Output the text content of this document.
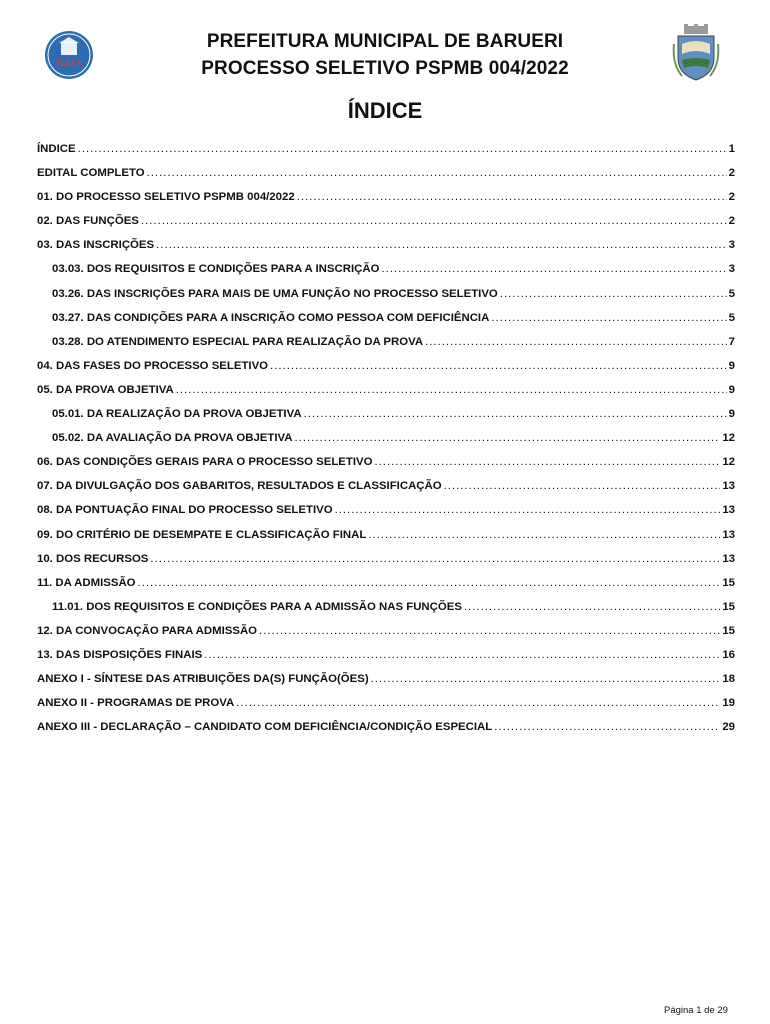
IGECS
PREFEITURA MUNICIPAL DE BARUERI
PROCESSO SELETIVO PSPMB 004/2022
ÍNDICE
ÍNDICE .....	1
EDITAL COMPLETO .....	2
01. DO PROCESSO SELETIVO PSPMB 004/2022 .....	2
02. DAS FUNÇÕES .....	2
03. DAS INSCRIÇÕES .....	3
03.03. DOS REQUISITOS E CONDIÇÕES PARA A INSCRIÇÃO .....	3
03.26. DAS INSCRIÇÕES PARA MAIS DE UMA FUNÇÃO NO PROCESSO SELETIVO .....	5
03.27. DAS CONDIÇÕES PARA A INSCRIÇÃO COMO PESSOA COM DEFICIÊNCIA .....	5
03.28. DO ATENDIMENTO ESPECIAL PARA REALIZAÇÃO DA PROVA .....	7
04. DAS FASES DO PROCESSO SELETIVO .....	9
05. DA PROVA OBJETIVA .....	9
05.01. DA REALIZAÇÃO DA PROVA OBJETIVA .....	9
05.02. DA AVALIAÇÃO DA PROVA OBJETIVA .....	12
06. DAS CONDIÇÕES GERAIS PARA O PROCESSO SELETIVO .....	12
07. DA DIVULGAÇÃO DOS GABARITOS, RESULTADOS E CLASSIFICAÇÃO .....	13
08. DA PONTUAÇÃO FINAL DO PROCESSO SELETIVO .....	13
09. DO CRITÉRIO DE DESEMPATE E CLASSIFICAÇÃO FINAL .....	13
10. DOS RECURSOS .....	13
11. DA ADMISSÃO .....	15
11.01. DOS REQUISITOS E CONDIÇÕES PARA A ADMISSÃO NAS FUNÇÕES .....	15
12. DA CONVOCAÇÃO PARA ADMISSÃO .....	15
13. DAS DISPOSIÇÕES FINAIS .....	16
ANEXO I - SÍNTESE DAS ATRIBUIÇÕES DA(S) FUNÇÃO(ÕES) .....	18
ANEXO II - PROGRAMAS DE PROVA .....	19
ANEXO III - DECLARAÇÃO – CANDIDATO COM DEFICIÊNCIA/CONDIÇÃO ESPECIAL .....	29
Página 1 de 29
